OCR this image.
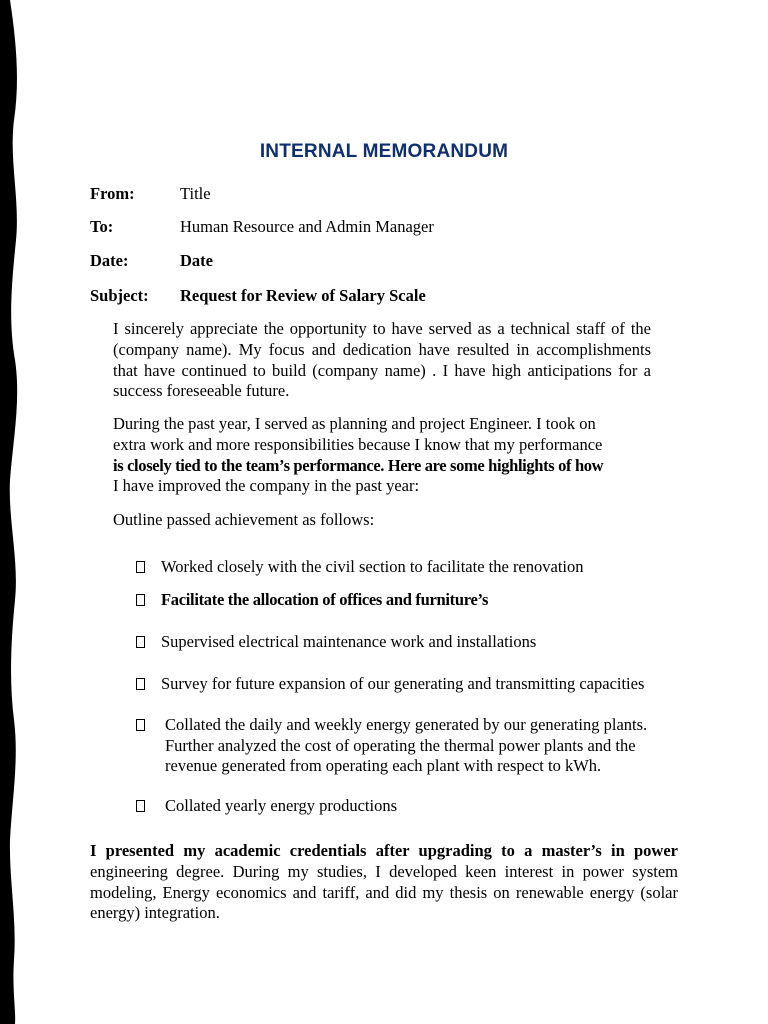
INTERNAL MEMORANDUM
From:	Title
To:	Human Resource and Admin Manager
Date:	Date
Subject: Request for Review of Salary Scale

I sincerely appreciate the opportunity to have served as a technical staff of the (company name). My focus and dedication have resulted in accomplishments that have continued to build (company name) . I have high anticipations for a success foreseeable future.

During the past year, I served as planning and project Engineer. I took on
extra work and more responsibilities because I know that my performance
is closely tied to the team’s performance. Here are some highlights of how
I have improved the company in the past year:

Outline passed achievement as follows:

Worked closely with the civil section to facilitate the renovation
Facilitate the allocation of offices and furniture’s
Supervised electrical maintenance work and installations
Survey for future expansion of our generating and transmitting capacities
Collated the daily and weekly energy generated by our generating plants. Further analyzed the cost of operating the thermal power plants and the revenue generated from operating each plant with respect to kWh.
Collated yearly energy productions
I presented my academic credentials after upgrading to a master’s in power
engineering degree. During my studies, I developed keen interest in power system modeling, Energy economics and tariff, and did my thesis on renewable energy (solar energy) integration.
